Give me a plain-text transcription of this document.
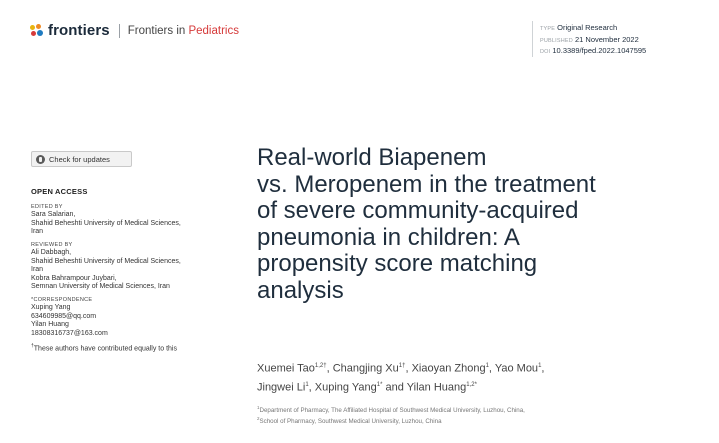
frontiers Frontiers in Pediatrics	TYPE Original Research
PUBLISHED 21 November 2022
DOI 10.3389/fped.2022.1047595
Check for updates
OPEN ACCESS
EDITED BY
Sara Salarian,
Shahid Beheshti University of Medical Sciences,
Iran
REVIEWED BY
Ali Dabbagh,
Shahid Beheshti University of Medical Sciences,
Iran
Kobra Bahrampour Juybari,
Semnan University of Medical Sciences, Iran
*CORRESPONDENCE
Xuping Yang
634609985@qq.com
Yilan Huang
18308316737@163.com
†These authors have contributed equally to this
Real-world Biapenem
vs. Meropenem in the treatment
of severe community-acquired
pneumonia in children: A
propensity score matching
analysis
Xuemei Tao$^{1,2\dagger}$, Changjing $Xu^{1\dagger}$, Xiaoyan Zhong$^1$, Yao Mou$^1$,
Jingwei Li$^1$, Xuping Yang$^{1*}$ and Yilan Huang$^{1,2*}$
$^1$Department of Pharmacy, The Affiliated Hospital of Southwest Medical University, Luzhou, China,
$^2$School of Pharmacy, Southwest Medical University, Luzhou, China
